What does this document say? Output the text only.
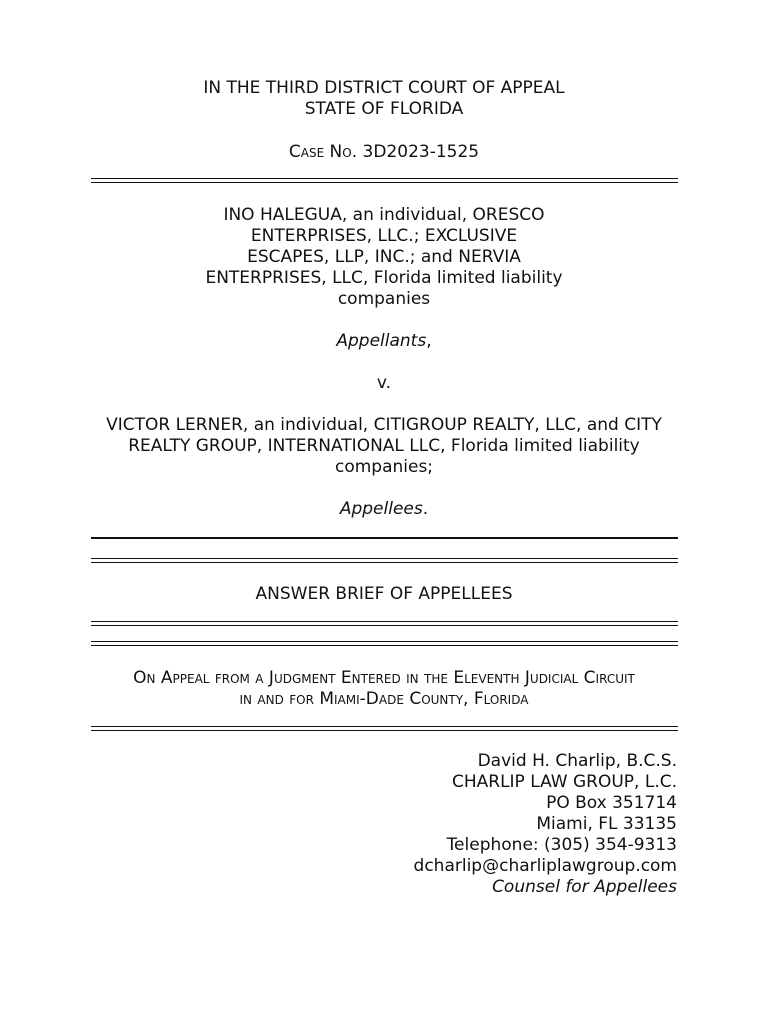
IN THE THIRD DISTRICT COURT OF APPEAL
STATE OF FLORIDA
Case No. 3D2023-1525
INO HALEGUA, an individual, ORESCO
ENTERPRISES, LLC.; EXCLUSIVE
ESCAPES, LLP, INC.; and NERVIA
ENTERPRISES, LLC, Florida limited liability
companies
Appellants,
v.
VICTOR LERNER, an individual, CITIGROUP REALTY, LLC, and CITY
REALTY GROUP, INTERNATIONAL LLC, Florida limited liability
companies;
Appellees.
ANSWER BRIEF OF APPELLEES
On Appeal from a Judgment Entered in the Eleventh Judicial Circuit
in and for Miami-Dade County, Florida
David H. Charlip, B.C.S.
CHARLIP LAW GROUP, L.C.
PO Box 351714
Miami, FL 33135
Telephone: (305) 354-9313
dcharlip@charliplawgroup.com
Counsel for Appellees
